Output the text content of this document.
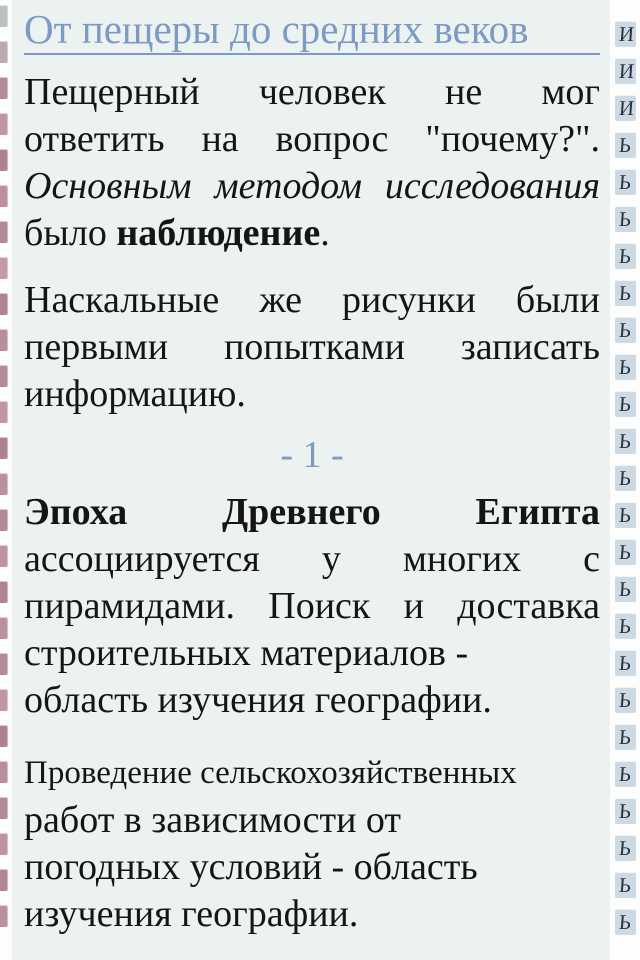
От пещеры до средних веков
Пещерный человек не мог
ответить на вопрос "почему?".
Основным методом исследования
было наблюдение.
Наскальные же рисунки были
первыми попытками записать
информацию.
- 1 -
Эпоха Древнего Египта
ассоциируется у многих с
пирамидами. Поиск и доставка
строительных материалов -
область изучения географии.
Проведение сельскохозяйственных
работ в зависимости от
погодных условий - область
изучения географии.
И
И
И
Ь
Ь
Ь
Ь
Ь
Ь
Ь
Ь
Ь
Ь
Ь
Ь
Ь
Ь
Ь
Ь
Ь
Ь
Ь
Ь
Ь
Ь
